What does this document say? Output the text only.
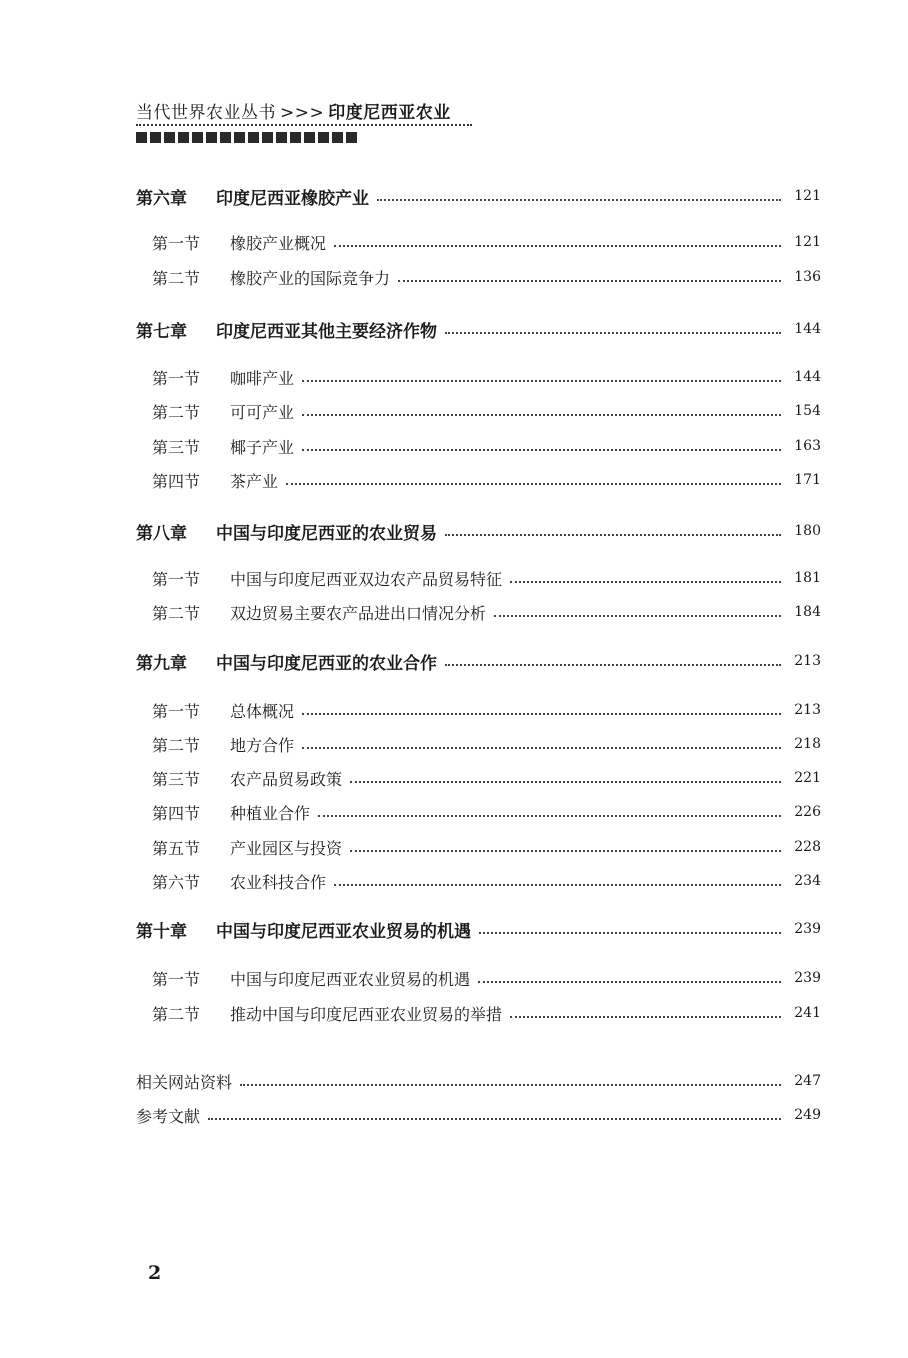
当代世界农业丛书 >>> 印度尼西亚农业
第六章	印度尼西亚橡胶产业	121
第一节	橡胶产业概况	121
第二节	橡胶产业的国际竞争力	136
第七章	印度尼西亚其他主要经济作物	144
第一节	咖啡产业	144
第二节	可可产业	154
第三节	椰子产业	163
第四节	茶产业	171
第八章	中国与印度尼西亚的农业贸易	180
第一节	中国与印度尼西亚双边农产品贸易特征	181
第二节	双边贸易主要农产品进出口情况分析	184
第九章	中国与印度尼西亚的农业合作	213
第一节	总体概况	213
第二节	地方合作	218
第三节	农产品贸易政策	221
第四节	种植业合作	226
第五节	产业园区与投资	228
第六节	农业科技合作	234
第十章	中国与印度尼西亚农业贸易的机遇	239
第一节	中国与印度尼西亚农业贸易的机遇	239
第二节	推动中国与印度尼西亚农业贸易的举措	241
相关网站资料	247
参考文献	249
2
